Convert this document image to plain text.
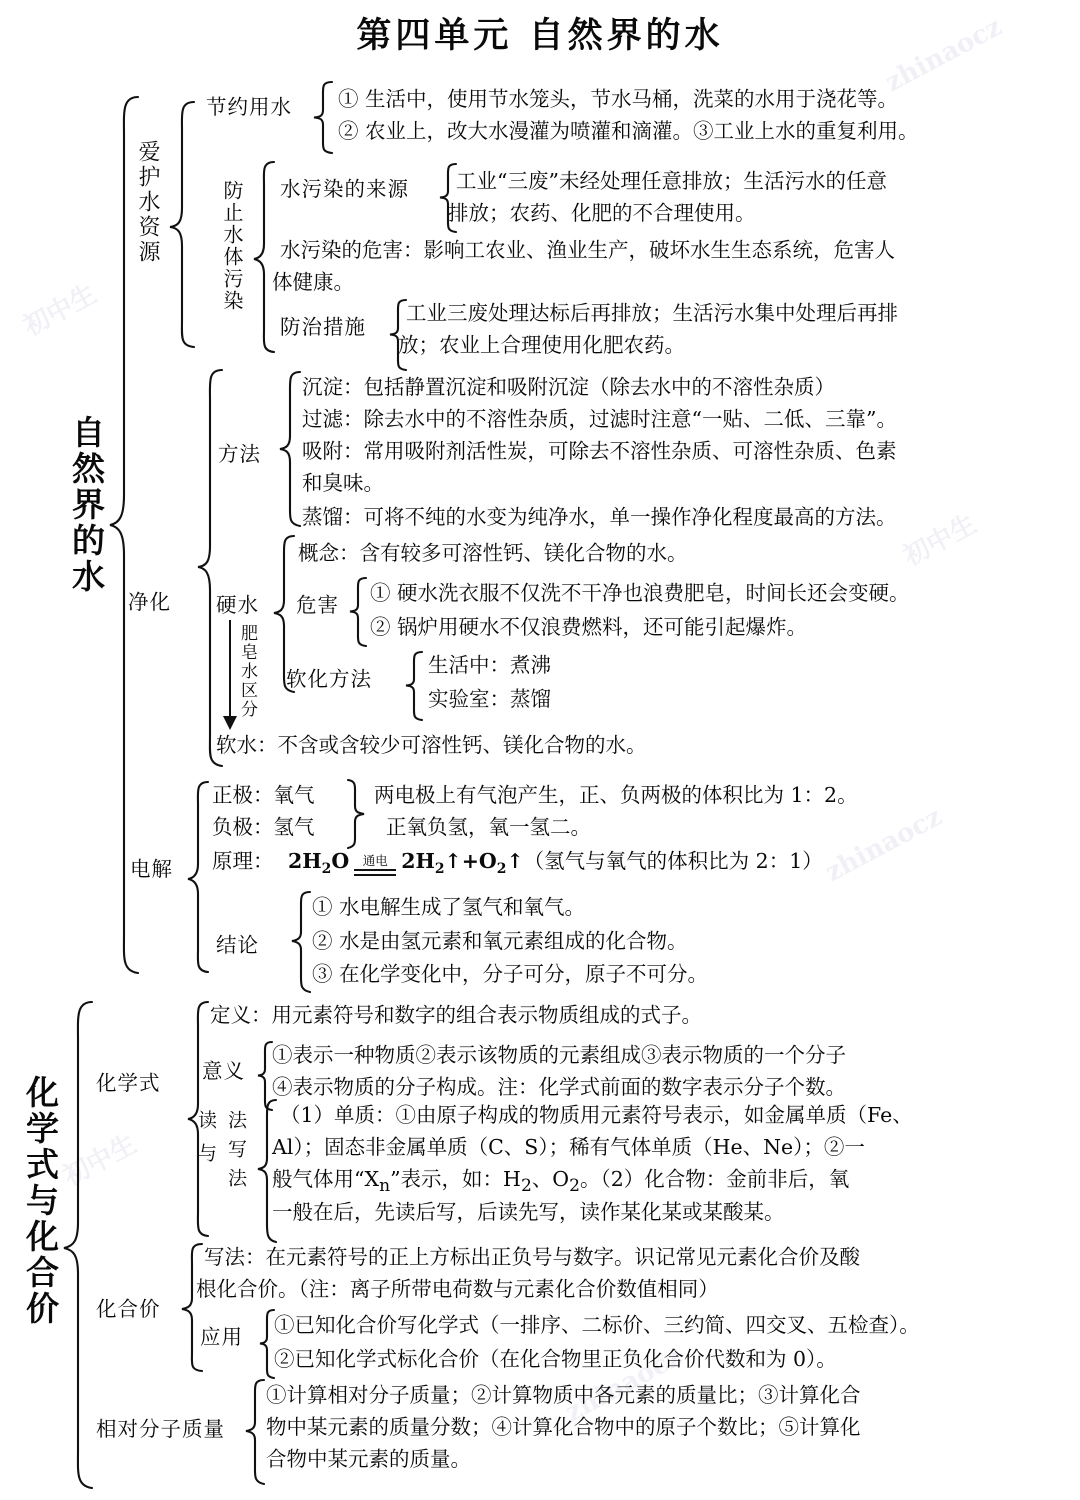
初中生
zhinaocz
初中生
zhinaocz
初中生
zhinaocz
第四单元 自然界的水
自然界的水
爱护水资源
节约用水 ① 生活中，使用节水笼头，节水马桶，洗菜的水用于浇花等。
② 农业上，改大水漫灌为喷灌和滴灌。③工业上水的重复利用。
防止水体污染 水污染的来源 工业“三废”未经处理任意排放；生活污水的任意
排放；农药、化肥的不合理使用。
水污染的危害：影响工农业、渔业生产，破坏水生生态系统，危害人
体健康。
防治措施
工业三废处理达标后再排放；生活污水集中处理后再排
放；农业上合理使用化肥农药。
净化
方法
沉淀：包括静置沉淀和吸附沉淀（除去水中的不溶性杂质）
过滤：除去水中的不溶性杂质，过滤时注意“一贴、二低、三靠”。
吸附：常用吸附剂活性炭，可除去不溶性杂质、可溶性杂质、色素
和臭味。
蒸馏：可将不纯的水变为纯净水，单一操作净化程度最高的方法。
硬水
概念：含有较多可溶性钙、镁化合物的水。
危害 ① 硬水洗衣服不仅洗不干净也浪费肥皂，时间长还会变硬。
② 锅炉用硬水不仅浪费燃料，还可能引起爆炸。
软化方法
生活中：煮沸
实验室：蒸馏
肥皂水区分
软水：不含或含较少可溶性钙、镁化合物的水。
电解
正极：氧气
负极：氢气
两电极上有气泡产生，正、负两极的体积比为 1：2。
正氧负氢，氧一氢二。
原理： $2H_2O$	通电 $2H_2↑+O_2↑$（氢气与氧气的体积比为 2：1）
结论
① 水电解生成了氢气和氧气。
② 水是由氢元素和氧元素组成的化合物。
③ 在化学变化中，分子可分，原子不可分。
化学式与化合价 化学式
定义：用元素符号和数字的组合表示物质组成的式子。
意义
①表示一种物质②表示该物质的元素组成③表示物质的一个分子
④表示物质的分子构成。注：化学式前面的数字表示分子个数。
读与 法写法 （1）单质：①由原子构成的物质用元素符号表示，如金属单质（Fe、
Al）；固态非金属单质（C、S）；稀有气体单质（He、Ne）；②一
般气体用“$X_n$”表示，如：$H_2$、$O_2$。（2）化合物：金前非后，氧
一般在后，先读后写，后读先写，读作某化某或某酸某。
化合价
写法：在元素符号的正上方标出正负号与数字。识记常见元素化合价及酸
根化合价。（注：离子所带电荷数与元素化合价数值相同）
应用 ①已知化合价写化学式（一排序、二标价、三约简、四交叉、五检查）。
②已知化学式标化合价（在化合物里正负化合价代数和为 0）。
相对分子质量
①计算相对分子质量；②计算物质中各元素的质量比；③计算化合
物中某元素的质量分数；④计算化合物中的原子个数比；⑤计算化
合物中某元素的质量。
